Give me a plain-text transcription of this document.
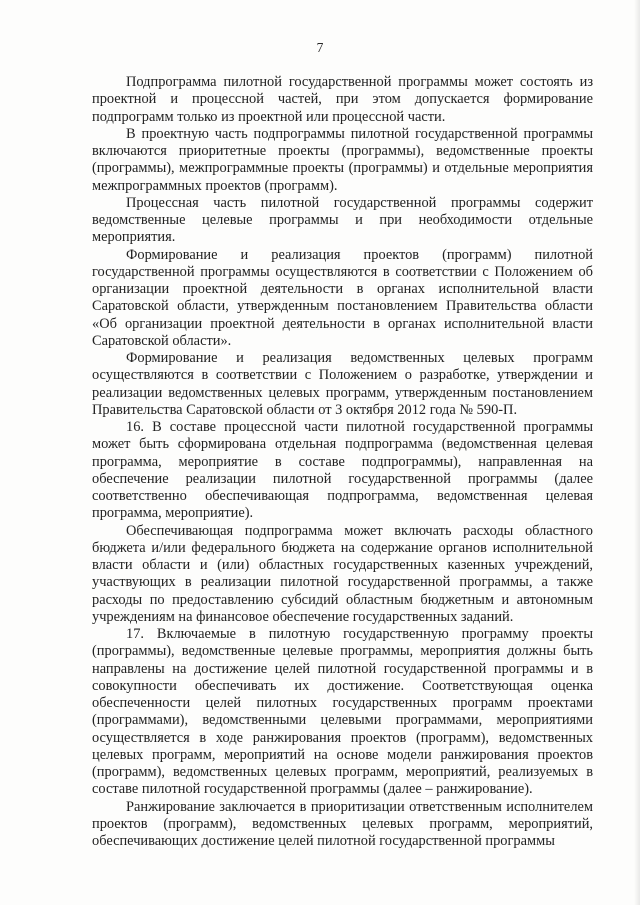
7

Подпрограмма пилотной государственной программы может состоять из проектной и процессной частей, при этом допускается формирование подпрограмм только из проектной или процессной части.

В проектную часть подпрограммы пилотной государственной программы включаются приоритетные проекты (программы), ведомственные проекты (программы), межпрограммные проекты (программы) и отдельные мероприятия межпрограммных проектов (программ).

Процессная часть пилотной государственной программы содержит ведомственные целевые программы и при необходимости отдельные мероприятия.

Формирование и реализация проектов (программ) пилотной государственной программы осуществляются в соответствии с Положением об организации проектной деятельности в органах исполнительной власти Саратовской области, утвержденным постановлением Правительства области «Об организации проектной деятельности в органах исполнительной власти Саратовской области».

Формирование и реализация ведомственных целевых программ осуществляются в соответствии с Положением о разработке, утверждении и реализации ведомственных целевых программ, утвержденным постановлением Правительства Саратовской области от 3 октября 2012 года № 590-П.

16. В составе процессной части пилотной государственной программы может быть сформирована отдельная подпрограмма (ведомственная целевая программа, мероприятие в составе подпрограммы), направленная на обеспечение реализации пилотной государственной программы (далее соответственно обеспечивающая подпрограмма, ведомственная целевая программа, мероприятие).

Обеспечивающая подпрограмма может включать расходы областного бюджета и/или федерального бюджета на содержание органов исполнительной власти области и (или) областных государственных казенных учреждений, участвующих в реализации пилотной государственной программы, а также расходы по предоставлению субсидий областным бюджетным и автономным учреждениям на финансовое обеспечение государственных заданий.

17. Включаемые в пилотную государственную программу проекты (программы), ведомственные целевые программы, мероприятия должны быть направлены на достижение целей пилотной государственной программы и в совокупности обеспечивать их достижение. Соответствующая оценка обеспеченности целей пилотных государственных программ проектами (программами), ведомственными целевыми программами, мероприятиями осуществляется в ходе ранжирования проектов (программ), ведомственных целевых программ, мероприятий на основе модели ранжирования проектов (программ), ведомственных целевых программ, мероприятий, реализуемых в составе пилотной государственной программы (далее – ранжирование).

Ранжирование заключается в приоритизации ответственным исполнителем проектов (программ), ведомственных целевых программ, мероприятий, обеспечивающих достижение целей пилотной государственной программы
